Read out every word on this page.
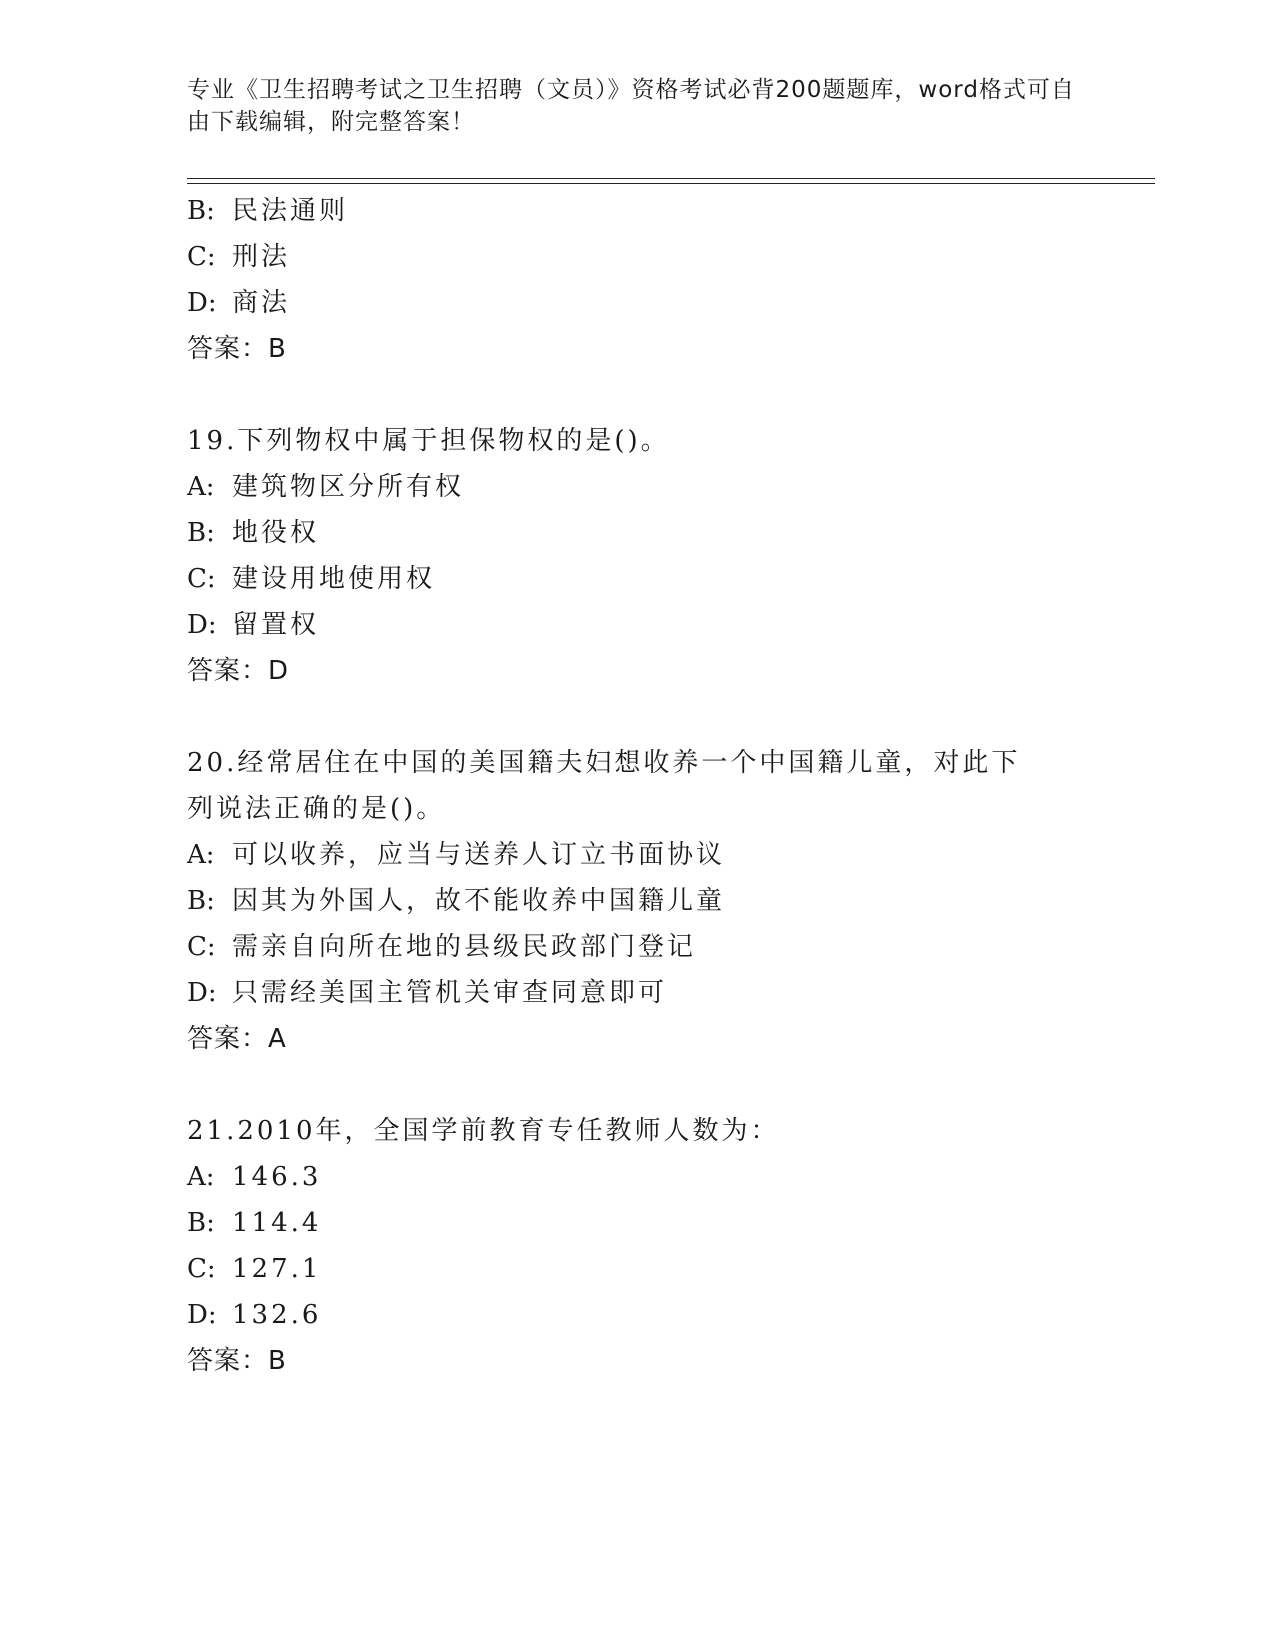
专业《卫生招聘考试之卫生招聘（文员）》资格考试必背200题题库，word格式可自由下载编辑，附完整答案！
B: 民法通则
C: 刑法
D: 商法
答案：B
19.下列物权中属于担保物权的是()。
A: 建筑物区分所有权
B: 地役权
C: 建设用地使用权
D: 留置权
答案：D
20.经常居住在中国的美国籍夫妇想收养一个中国籍儿童，对此下列说法正确的是()。
A: 可以收养，应当与送养人订立书面协议
B: 因其为外国人，故不能收养中国籍儿童
C: 需亲自向所在地的县级民政部门登记
D: 只需经美国主管机关审查同意即可
答案：A
21.2010年，全国学前教育专任教师人数为：
A: 146.3
B: 114.4
C: 127.1
D: 132.6
答案：B
